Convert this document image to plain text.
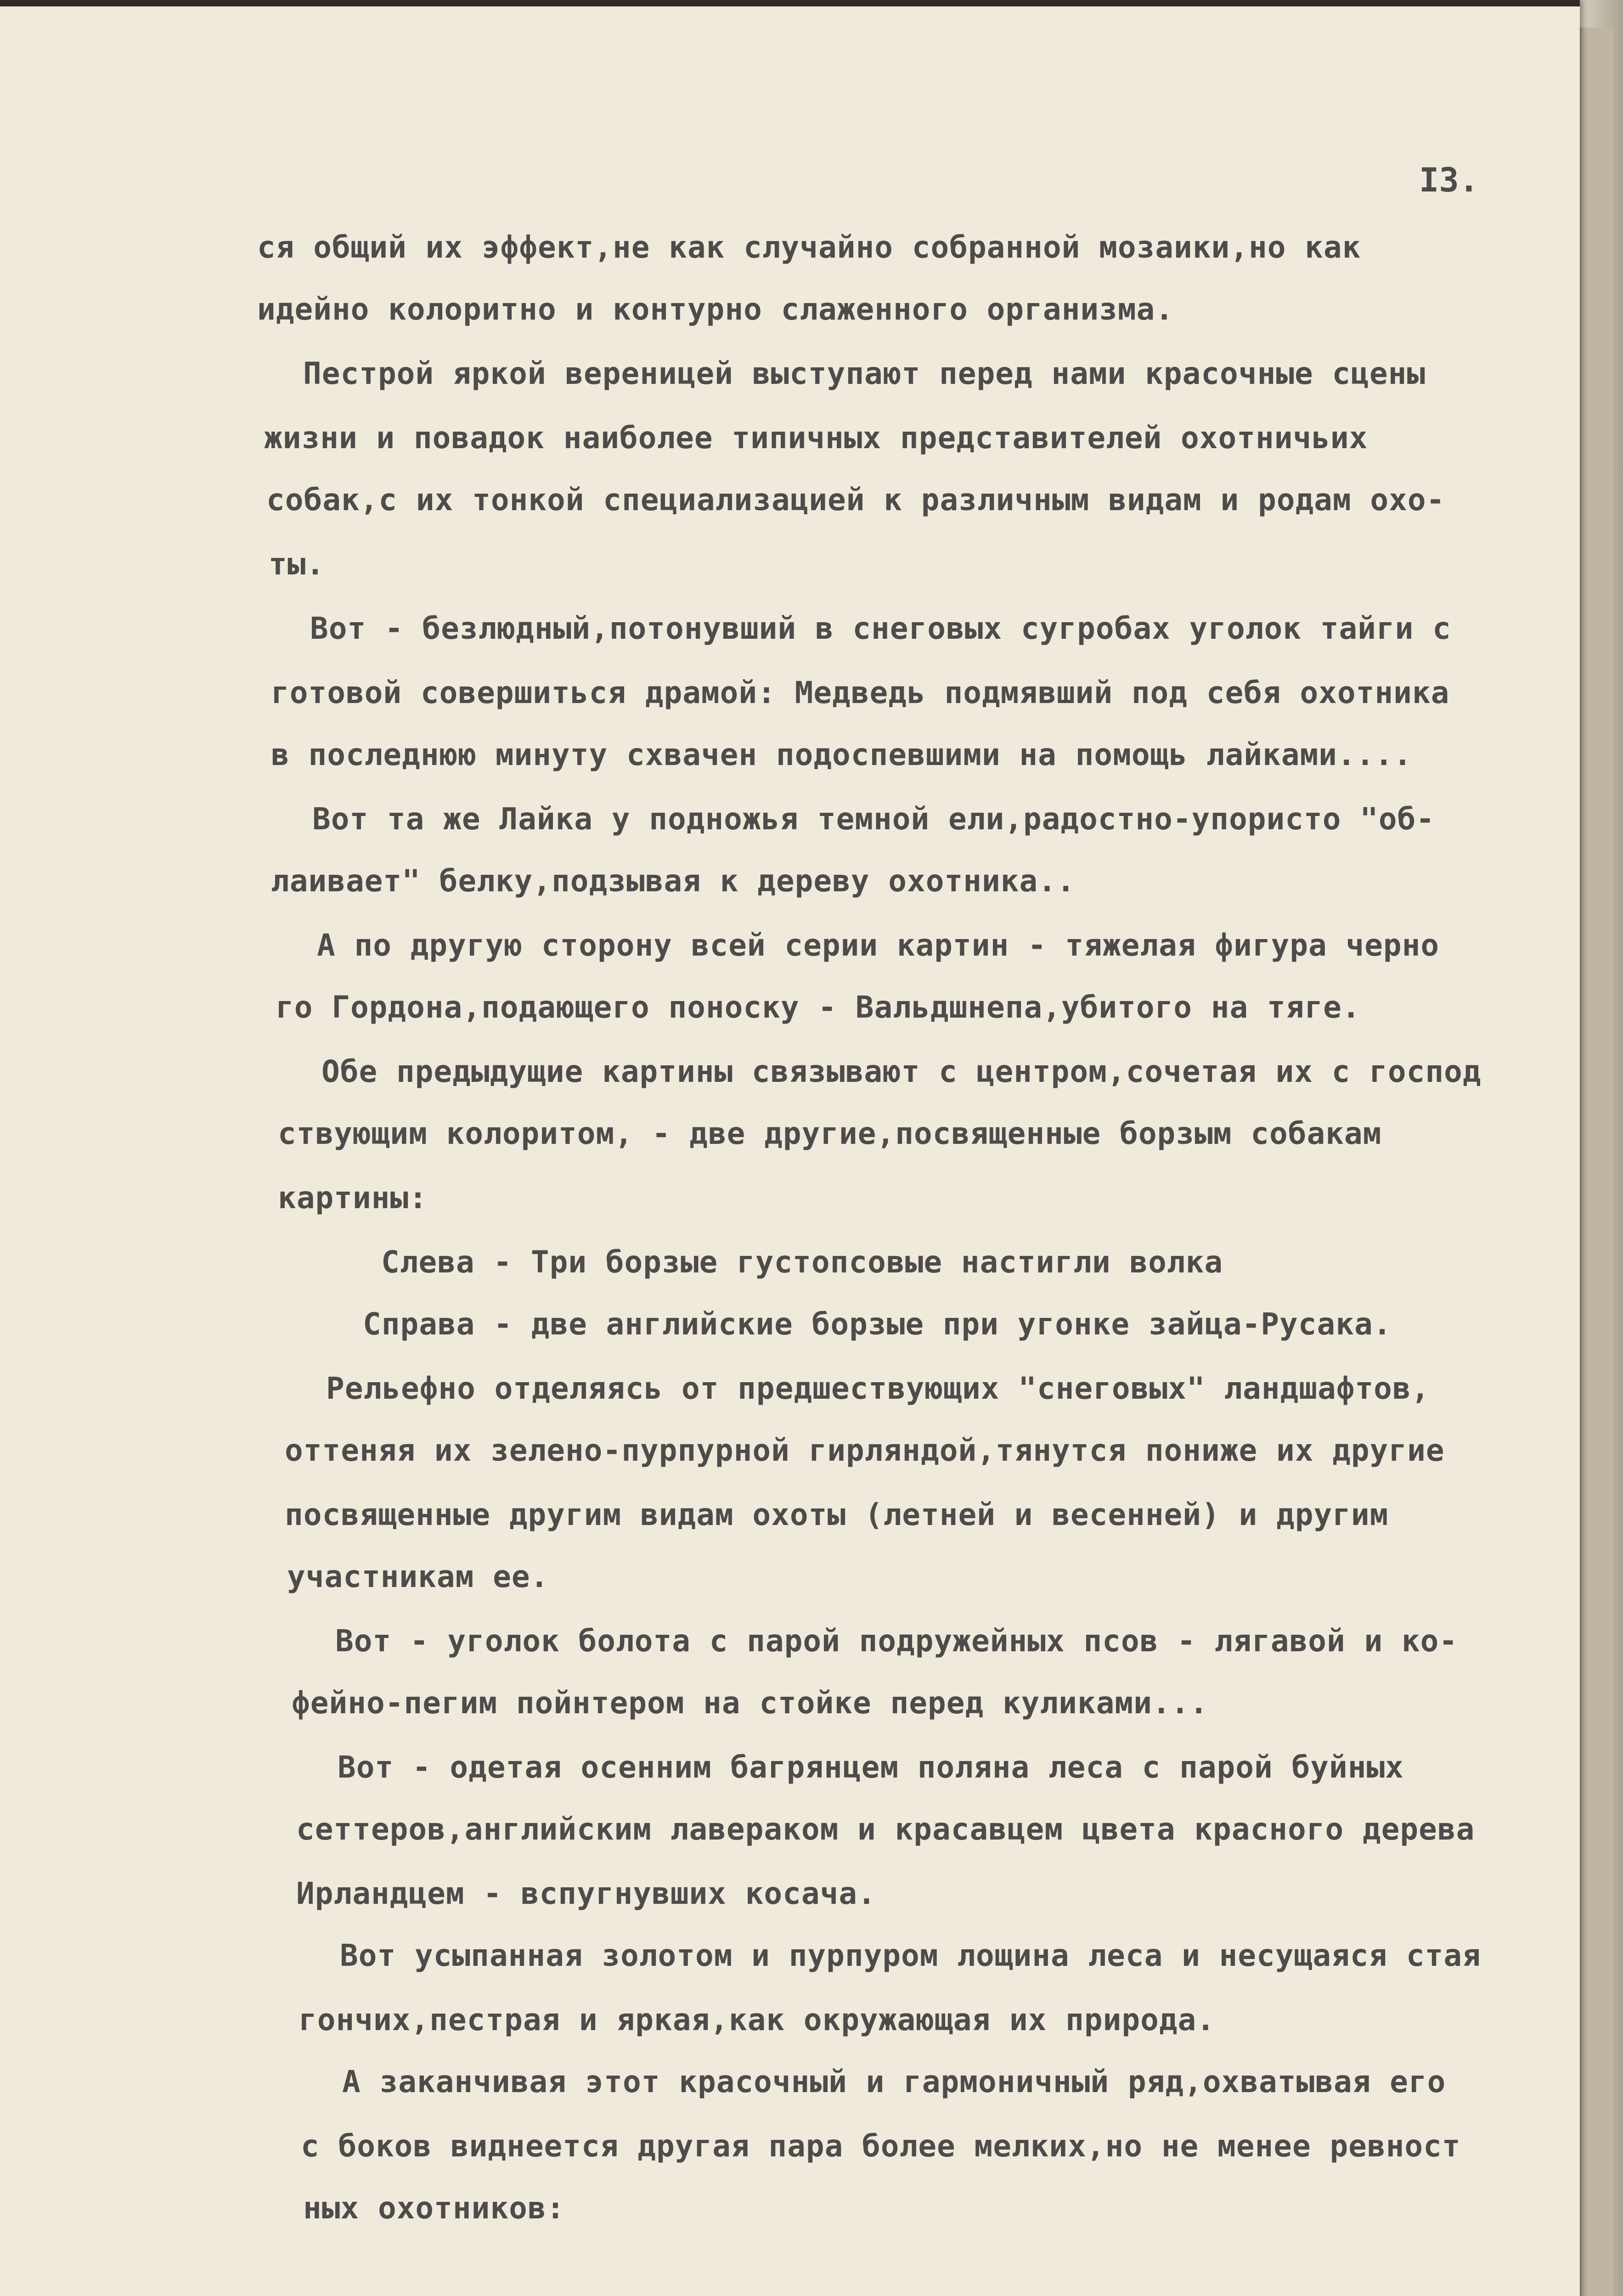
I3.
ся общий их эффект,не как случайно собранной мозаики,но как
идейно колоритно и контурно слаженного организма.
Пестрой яркой вереницей выступают перед нами красочные сцены
жизни и повадок наиболее типичных представителей охотничьих
собак,с их тонкой специализацией к различным видам и родам охо-
ты.
Вот - безлюдный,потонувший в снеговых сугробах уголок тайги с
готовой совершиться драмой: Медведь подмявший под себя охотника
в последнюю минуту схвачен подоспевшими на помощь лайками....
Вот та же Лайка у подножья темной ели,радостно-упористо "об-
лаивает" белку,подзывая к дереву охотника..
А по другую сторону всей серии картин - тяжелая фигура черно
го Гордона,подающего поноску - Вальдшнепа,убитого на тяге.
Обе предыдущие картины связывают с центром,сочетая их с господ
ствующим колоритом, - две другие,посвященные борзым собакам
картины:
Слева - Три борзые густопсовые настигли волка
Справа - две английские борзые при угонке зайца-Русака.
Рельефно отделяясь от предшествующих "снеговых" ландшафтов,
оттеняя их зелено-пурпурной гирляндой,тянутся пониже их другие
посвященные другим видам охоты (летней и весенней) и другим
участникам ее.
Вот - уголок болота с парой подружейных псов - лягавой и ко-
фейно-пегим пойнтером на стойке перед куликами...
Вот - одетая осенним багрянцем поляна леса с парой буйных
сеттеров,английским лавераком и красавцем цвета красного дерева
Ирландцем - вспугнувших косача.
Вот усыпанная золотом и пурпуром лощина леса и несущаяся стая
гончих,пестрая и яркая,как окружающая их природа.
А заканчивая этот красочный и гармоничный ряд,охватывая его
с боков виднеется другая пара более мелких,но не менее ревност
ных охотников:
